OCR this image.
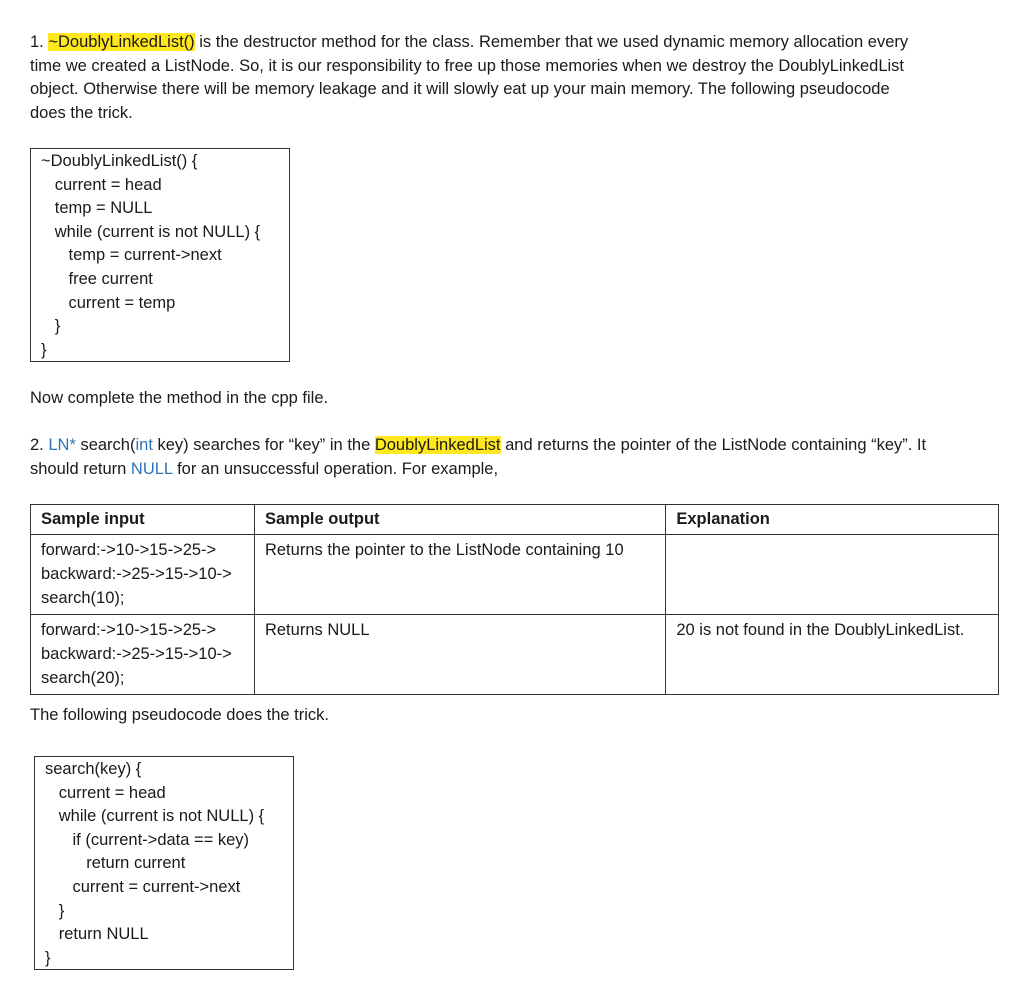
1. ~DoublyLinkedList() is the destructor method for the class. Remember that we used dynamic memory allocation every
time we created a ListNode. So, it is our responsibility to free up those memories when we destroy the DoublyLinkedList
object. Otherwise there will be memory leakage and it will slowly eat up your main memory. The following pseudocode
does the trick.
~DoublyLinkedList() {
current = head
temp = NULL
while (current is not NULL) {
temp = current->next
free current
current = temp
}
}
Now complete the method in the cpp file.
2. LN* search(int key) searches for “key” in the DoublyLinkedList and returns the pointer of the ListNode containing “key”. It
should return NULL for an unsuccessful operation. For example,
Sample input	Sample output	Explanation

forward:->10->15->25->
backward:->25->15->10->
search(10);	Returns the pointer to the ListNode containing 10	

forward:->10->15->25->
backward:->25->15->10->
search(20);	Returns NULL	20 is not found in the DoublyLinkedList.
The following pseudocode does the trick.
search(key) {
current = head
while (current is not NULL) {
if (current->data == key)
return current
current = current->next
}
return NULL
}
